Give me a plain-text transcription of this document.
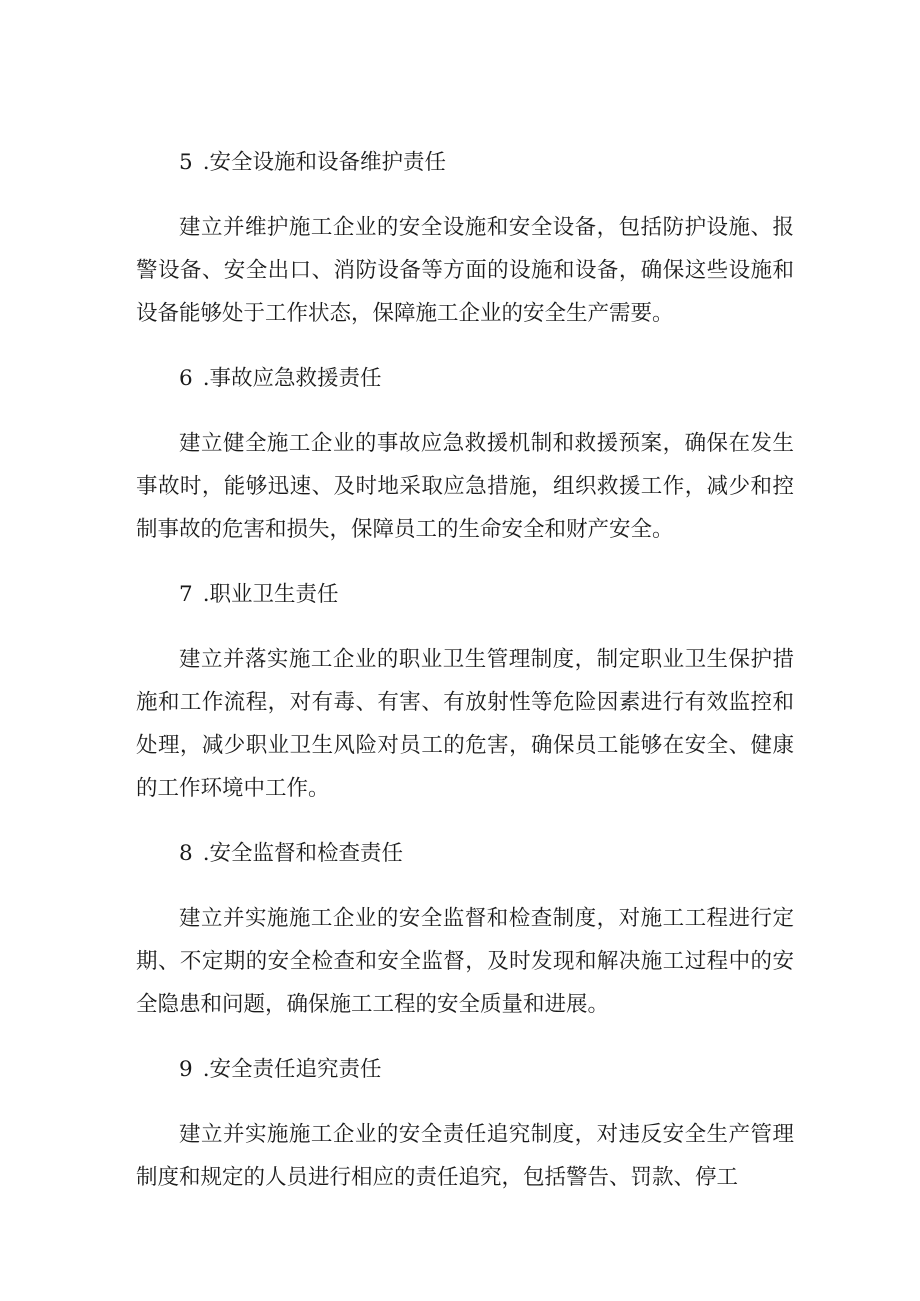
5 .安全设施和设备维护责任

建立并维护施工企业的安全设施和安全设备，包括防护设施、报警设备、安全出口、消防设备等方面的设施和设备，确保这些设施和设备能够处于工作状态，保障施工企业的安全生产需要。

6 .事故应急救援责任

建立健全施工企业的事故应急救援机制和救援预案，确保在发生事故时，能够迅速、及时地采取应急措施，组织救援工作，减少和控制事故的危害和损失，保障员工的生命安全和财产安全。

7 .职业卫生责任

建立并落实施工企业的职业卫生管理制度，制定职业卫生保护措施和工作流程，对有毒、有害、有放射性等危险因素进行有效监控和处理，减少职业卫生风险对员工的危害，确保员工能够在安全、健康的工作环境中工作。

8 .安全监督和检查责任

建立并实施施工企业的安全监督和检查制度，对施工工程进行定期、不定期的安全检查和安全监督，及时发现和解决施工过程中的安全隐患和问题，确保施工工程的安全质量和进展。

9 .安全责任追究责任

建立并实施施工企业的安全责任追究制度，对违反安全生产管理制度和规定的人员进行相应的责任追究，包括警告、罚款、停工
